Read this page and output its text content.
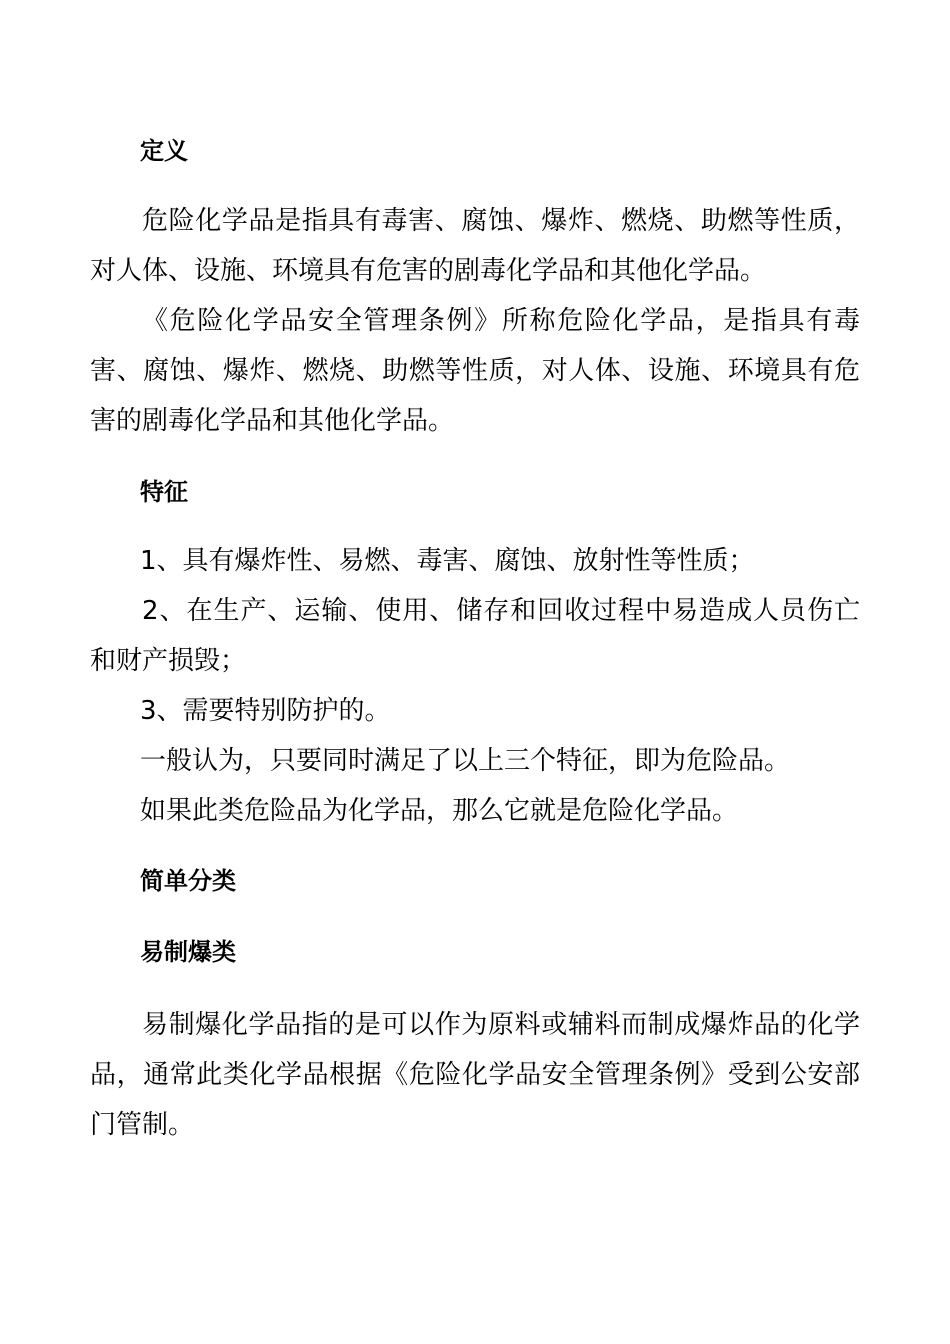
定义

危险化学品是指具有毒害、腐蚀、爆炸、燃烧、助燃等性质，对人体、设施、环境具有危害的剧毒化学品和其他化学品。

《危险化学品安全管理条例》所称危险化学品，是指具有毒害、腐蚀、爆炸、燃烧、助燃等性质，对人体、设施、环境具有危害的剧毒化学品和其他化学品。

特征

1、具有爆炸性、易燃、毒害、腐蚀、放射性等性质；

2、在生产、运输、使用、储存和回收过程中易造成人员伤亡和财产损毁；

3、需要特别防护的。

一般认为，只要同时满足了以上三个特征，即为危险品。

如果此类危险品为化学品，那么它就是危险化学品。

简单分类
易制爆类

易制爆化学品指的是可以作为原料或辅料而制成爆炸品的化学品，通常此类化学品根据《危险化学品安全管理条例》受到公安部门管制。
